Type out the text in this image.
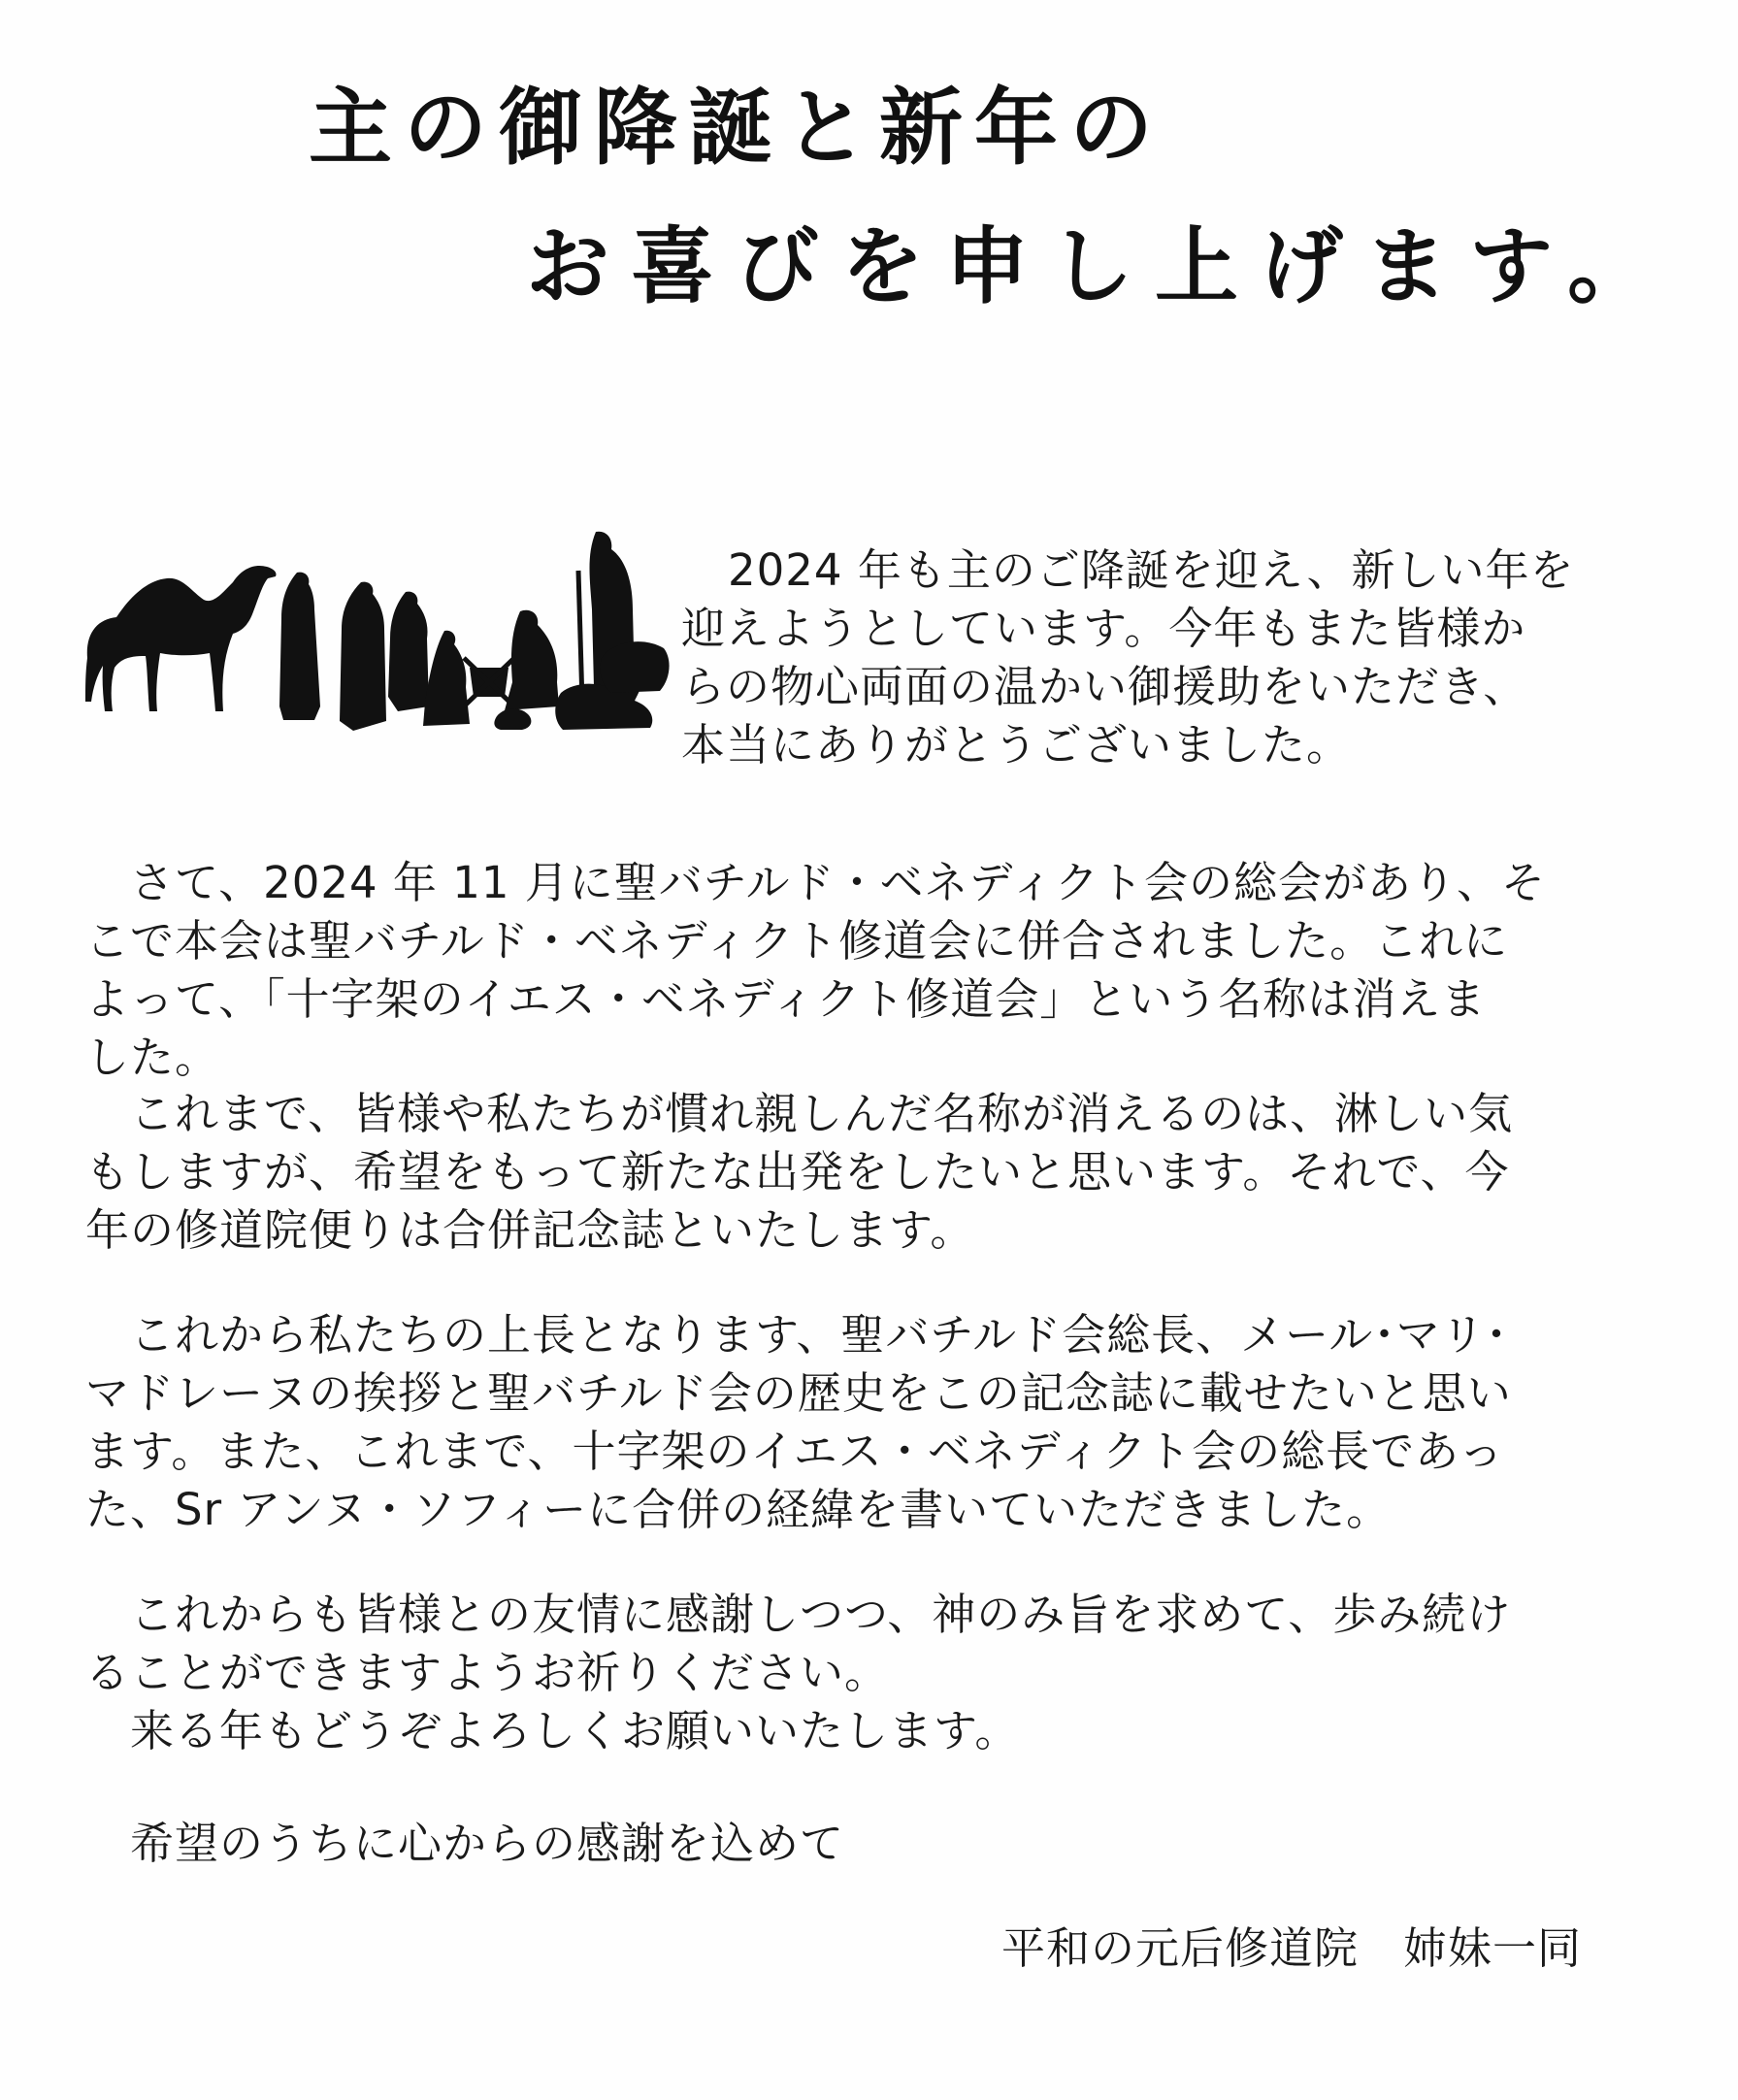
主の御降誕と新年の
お喜びを申し上げます。
2024 年も主のご降誕を迎え、新しい年を
迎えようとしています。今年もまた皆様か
らの物心両面の温かい御援助をいただき、
本当にありがとうございました。
　さて、2024 年 11 月に聖バチルド・ベネディクト会の総会があり、そ
こで本会は聖バチルド・ベネディクト修道会に併合されました。これに
よって、「十字架のイエス・ベネディクト修道会」という名称は消えま
した。
　これまで、皆様や私たちが慣れ親しんだ名称が消えるのは、淋しい気
もしますが、希望をもって新たな出発をしたいと思います。それで、今
年の修道院便りは合併記念誌といたします。
　これから私たちの上長となります、聖バチルド会総長、メール･マリ･
マドレーヌの挨拶と聖バチルド会の歴史をこの記念誌に載せたいと思い
ます。また、これまで、十字架のイエス・ベネディクト会の総長であっ
た、Sr アンヌ・ソフィーに合併の経緯を書いていただきました。
　これからも皆様との友情に感謝しつつ、神のみ旨を求めて、歩み続け
ることができますようお祈りください。
　来る年もどうぞよろしくお願いいたします。
　希望のうちに心からの感謝を込めて
平和の元后修道院　姉妹一同
